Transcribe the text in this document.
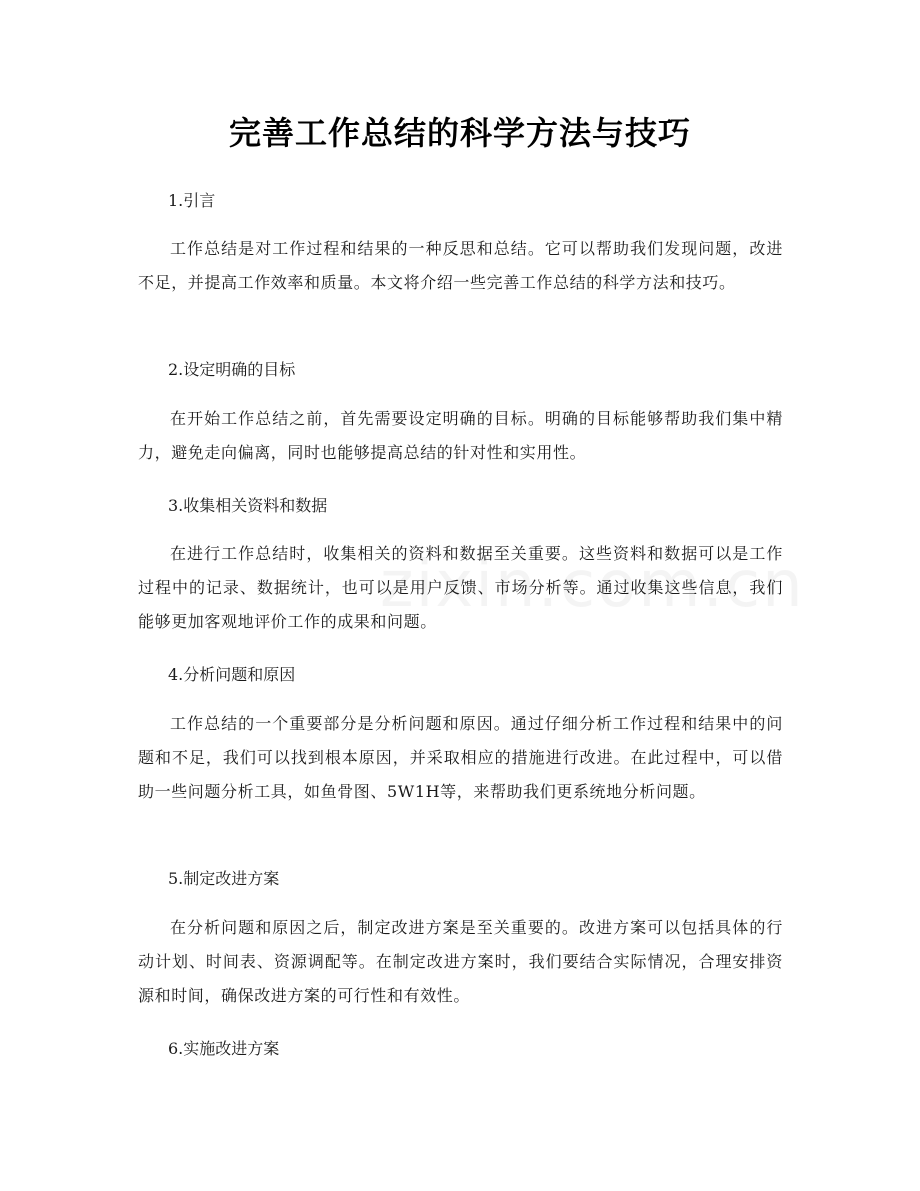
完善工作总结的科学方法与技巧
1.引言

工作总结是对工作过程和结果的一种反思和总结。它可以帮助我们发现问题，改进不足，并提高工作效率和质量。本文将介绍一些完善工作总结的科学方法和技巧。

2.设定明确的目标

在开始工作总结之前，首先需要设定明确的目标。明确的目标能够帮助我们集中精力，避免走向偏离，同时也能够提高总结的针对性和实用性。

3.收集相关资料和数据

在进行工作总结时，收集相关的资料和数据至关重要。这些资料和数据可以是工作过程中的记录、数据统计，也可以是用户反馈、市场分析等。通过收集这些信息，我们能够更加客观地评价工作的成果和问题。

4.分析问题和原因

工作总结的一个重要部分是分析问题和原因。通过仔细分析工作过程和结果中的问题和不足，我们可以找到根本原因，并采取相应的措施进行改进。在此过程中，可以借助一些问题分析工具，如鱼骨图、5W1H等，来帮助我们更系统地分析问题。

5.制定改进方案

在分析问题和原因之后，制定改进方案是至关重要的。改进方案可以包括具体的行动计划、时间表、资源调配等。在制定改进方案时，我们要结合实际情况，合理安排资源和时间，确保改进方案的可行性和有效性。

6.实施改进方案
